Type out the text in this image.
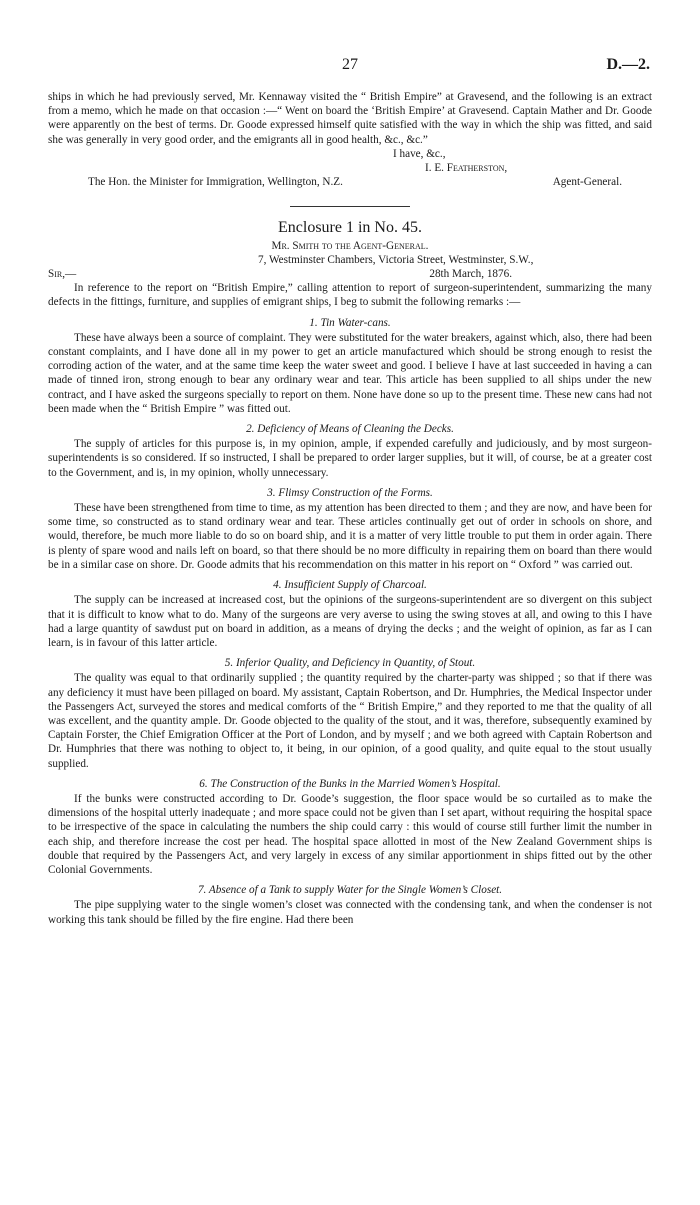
27	D.—2.

ships in which he had previously served, Mr. Kennaway visited the “ British Empire” at Gravesend, and the following is an extract from a memo, which he made on that occasion :—“ Went on board the ‘British Empire’ at Gravesend. Captain Mather and Dr. Goode were apparently on the best of terms. Dr. Goode expressed himself quite satisfied with the way in which the ship was fitted, and said she was generally in very good order, and the emigrants all in good health, &c., &c.”

I have, &c.,

I. E. Featherston,

The Hon. the Minister for Immigration, Wellington, N.Z.	Agent-General.
Enclosure 1 in No. 45.
Mr. Smith to the Agent-General.
7, Westminster Chambers, Victoria Street, Westminster, S.W.,
Sir,—	28th March, 1876.

In reference to the report on “British Empire,” calling attention to report of surgeon-superintendent, summarizing the many defects in the fittings, furniture, and supplies of emigrant ships, I beg to submit the following remarks :—

1. Tin Water-cans.

These have always been a source of complaint. They were substituted for the water breakers, against which, also, there had been constant complaints, and I have done all in my power to get an article manufactured which should be strong enough to resist the corroding action of the water, and at the same time keep the water sweet and good. I believe I have at last succeeded in having a can made of tinned iron, strong enough to bear any ordinary wear and tear. This article has been supplied to all ships under the new contract, and I have asked the surgeons specially to report on them. None have done so up to the present time. These new cans had not been made when the “ British Empire ” was fitted out.

2. Deficiency of Means of Cleaning the Decks.

The supply of articles for this purpose is, in my opinion, ample, if expended carefully and judiciously, and by most surgeon-superintendents is so considered. If so instructed, I shall be prepared to order larger supplies, but it will, of course, be at a greater cost to the Government, and is, in my opinion, wholly unnecessary.

3. Flimsy Construction of the Forms.

These have been strengthened from time to time, as my attention has been directed to them ; and they are now, and have been for some time, so constructed as to stand ordinary wear and tear. These articles continually get out of order in schools on shore, and would, therefore, be much more liable to do so on board ship, and it is a matter of very little trouble to put them in order again. There is plenty of spare wood and nails left on board, so that there should be no more difficulty in repairing them on board than there would be in a similar case on shore. Dr. Goode admits that his recommendation on this matter in his report on “ Oxford ” was carried out.

4. Insufficient Supply of Charcoal.

The supply can be increased at increased cost, but the opinions of the surgeons-superintendent are so divergent on this subject that it is difficult to know what to do. Many of the surgeons are very averse to using the swing stoves at all, and owing to this I have had a large quantity of sawdust put on board in addition, as a means of drying the decks ; and the weight of opinion, as far as I can learn, is in favour of this latter article.

5. Inferior Quality, and Deficiency in Quantity, of Stout.

The quality was equal to that ordinarily supplied ; the quantity required by the charter-party was shipped ; so that if there was any deficiency it must have been pillaged on board. My assistant, Captain Robertson, and Dr. Humphries, the Medical Inspector under the Passengers Act, surveyed the stores and medical comforts of the “ British Empire,” and they reported to me that the quality of all was excellent, and the quantity ample. Dr. Goode objected to the quality of the stout, and it was, therefore, subsequently examined by Captain Forster, the Chief Emigration Officer at the Port of London, and by myself ; and we both agreed with Captain Robertson and Dr. Humphries that there was nothing to object to, it being, in our opinion, of a good quality, and quite equal to the stout usually supplied.

6. The Construction of the Bunks in the Married Women’s Hospital.

If the bunks were constructed according to Dr. Goode’s suggestion, the floor space would be so curtailed as to make the dimensions of the hospital utterly inadequate ; and more space could not be given than I set apart, without requiring the hospital space to be irrespective of the space in calculating the numbers the ship could carry : this would of course still further limit the number in each ship, and therefore increase the cost per head. The hospital space allotted in most of the New Zealand Government ships is double that required by the Passengers Act, and very largely in excess of any similar apportionment in ships fitted out by the other Colonial Governments.

7. Absence of a Tank to supply Water for the Single Women’s Closet.

The pipe supplying water to the single women’s closet was connected with the condensing tank, and when the condenser is not working this tank should be filled by the fire engine. Had there been
